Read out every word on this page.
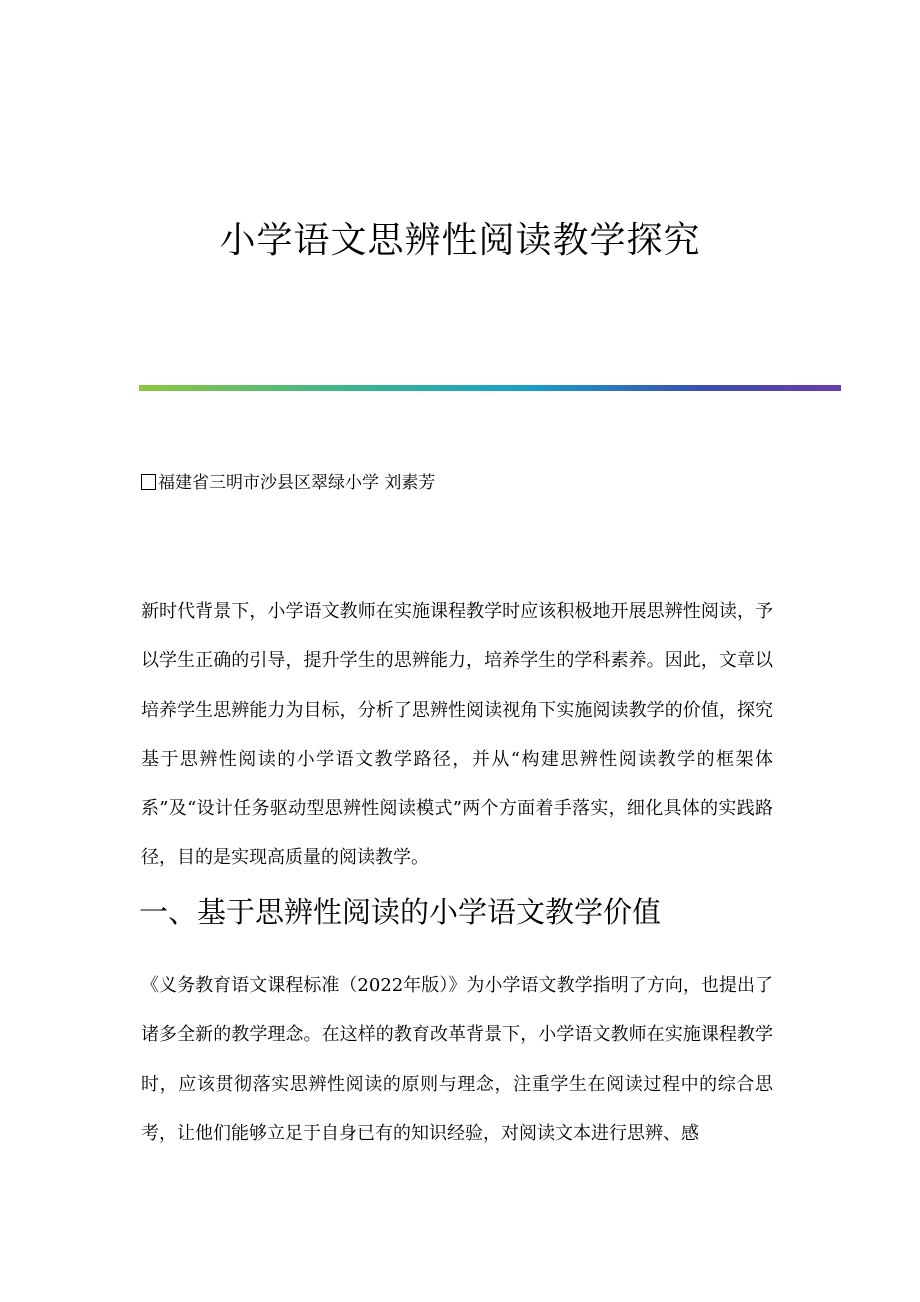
小学语文思辨性阅读教学探究
福建省三明市沙县区翠绿小学 刘素芳

新时代背景下，小学语文教师在实施课程教学时应该积极地开展思辨性阅读，予以学生正确的引导，提升学生的思辨能力，培养学生的学科素养。因此，文章以培养学生思辨能力为目标，分析了思辨性阅读视角下实施阅读教学的价值，探究基于思辨性阅读的小学语文教学路径，并从“构建思辨性阅读教学的框架体系”及“设计任务驱动型思辨性阅读模式”两个方面着手落实，细化具体的实践路径，目的是实现高质量的阅读教学。

一、基于思辨性阅读的小学语文教学价值

《义务教育语文课程标准（2022年版）》为小学语文教学指明了方向，也提出了诸多全新的教学理念。在这样的教育改革背景下，小学语文教师在实施课程教学时，应该贯彻落实思辨性阅读的原则与理念，注重学生在阅读过程中的综合思考，让他们能够立足于自身已有的知识经验，对阅读文本进行思辨、感
